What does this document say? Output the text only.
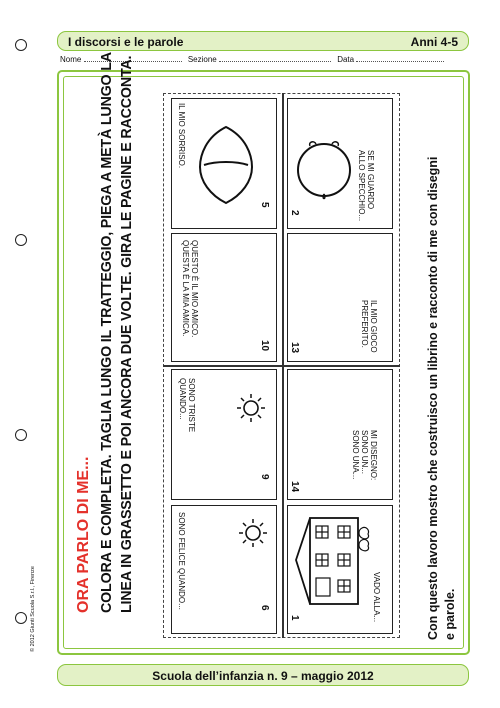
I discorsi e le parole	Anni 4-5
Nome	Sezione	Data
ORA PARLO DI ME... COLORA E COMPLETA. TAGLIA LUNGO IL TRATTEGGIO, PIEGA A METÀ LUNGO LA LINEA IN GRASSETTO E POI ANCORA DUE VOLTE. GIRA LE PAGINE E RACCONTA.	IL MIO SORRISO.
5	SE MI GUARDO
ALLO SPECCHIO...
2
QUESTO È IL MIO AMICO.
QUESTA È LA MIA AMICA.
10	IL MIO GIOCO
PREFERITO.
13
SONO TRISTE
QUANDO...
9	MI DISEGNO:
SONO UN...
SONO UNA...
14
SONO FELICE QUANDO...	6	VADO ALLA...
1	Con questo lavoro mostro che costruisco un librino e racconto di me con disegni e parole.
© 2012 Giunti Scuola S.r.l., Firenze
Scuola dell’infanzia n. 9 – maggio 2012
